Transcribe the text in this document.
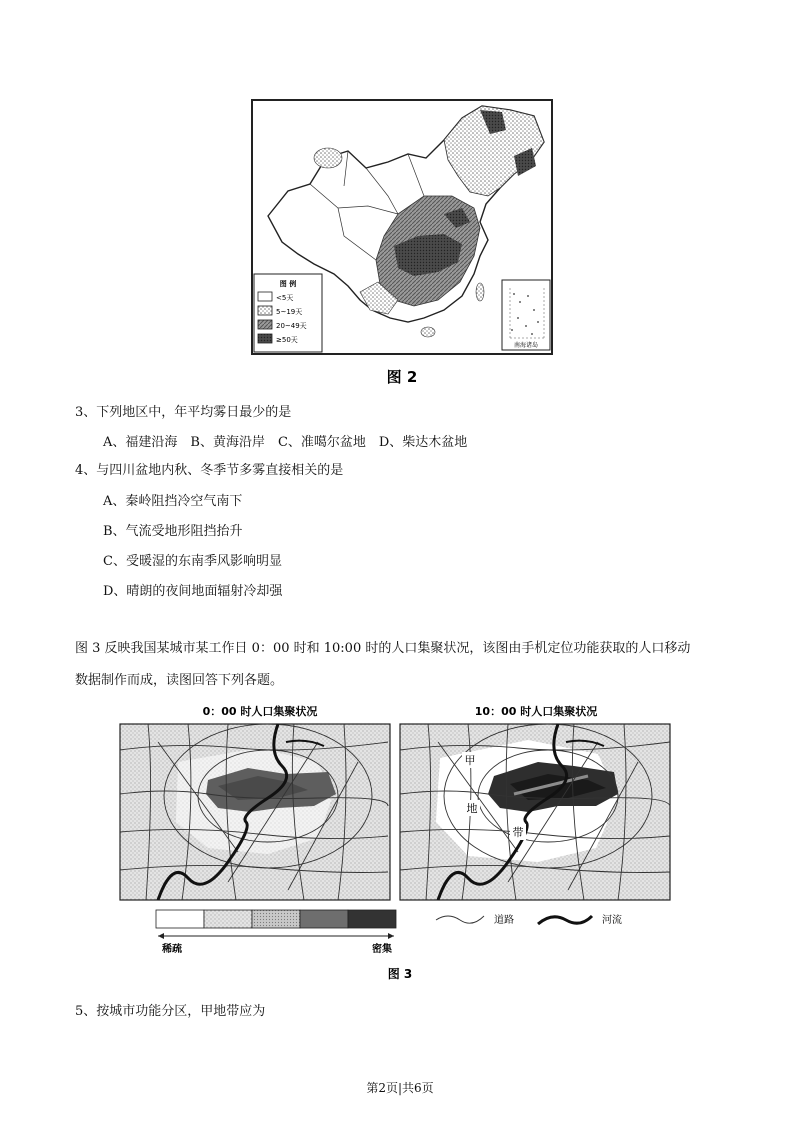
图 例
<5天
5~19天
20~49天
≥50天
南海诸岛
图 2
3、下列地区中，年平均雾日最少的是
A、福建沿海　B、黄海沿岸　C、准噶尔盆地　D、柴达木盆地
4、与四川盆地内秋、冬季节多雾直接相关的是
A、秦岭阻挡冷空气南下
B、气流受地形阻挡抬升
C、受暖湿的东南季风影响明显
D、晴朗的夜间地面辐射冷却强
图 3 反映我国某城市某工作日 0：00 时和 10:00 时的人口集聚状况，该图由手机定位功能获取的人口移动
数据制作而成，读图回答下列各题。
0：00 时人口集聚状况	10：00 时人口集聚状况
甲
地
带
稀疏	密集
道路	河流
图 3
5、按城市功能分区，甲地带应为
第2页|共6页
